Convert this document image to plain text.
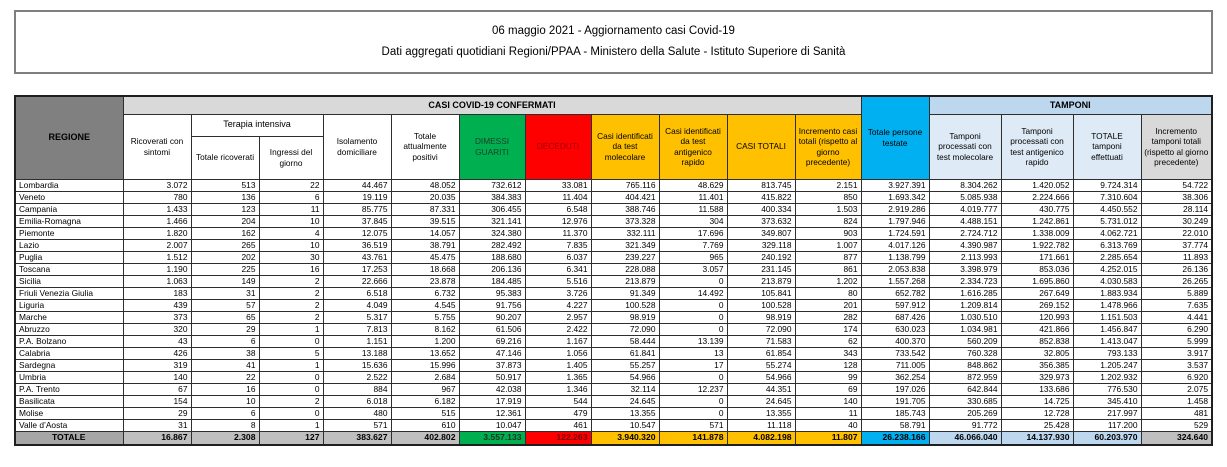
06 maggio 2021 - Aggiornamento casi Covid-19
Dati aggregati quotidiani Regioni/PPAA - Ministero della Salute - Istituto Superiore di Sanità
REGIONE	CASI COVID-19 CONFERMATI											Totale persone testate	TAMPONI			
	Ricoverati con sintomi	Terapia intensiva		Isolamento domiciliare	Totale attualmente positivi	DIMESSI GUARITI	DECEDUTI	Casi identificati da test molecolare	Casi identificati da test antigenico rapido	CASI TOTALI	Incremento casi totali (rispetto al giorno precedente)		Tamponi processati con test molecolare	Tamponi processati con test antigenico rapido	TOTALE tamponi effettuati	Incremento tamponi totali (rispetto al giorno precedente)
		Totale ricoverati	Ingressi del giorno													
Lombardia	3.072	513	22	44.467	48.052	732.612	33.081	765.116	48.629	813.745	2.151	3.927.391	8.304.262	1.420.052	9.724.314	54.722
Veneto	780	136	6	19.119	20.035	384.383	11.404	404.421	11.401	415.822	850	1.693.342	5.085.938	2.224.666	7.310.604	38.306
Campania	1.433	123	11	85.775	87.331	306.455	6.548	388.746	11.588	400.334	1.503	2.919.286	4.019.777	430.775	4.450.552	28.114
Emilia-Romagna	1.466	204	10	37.845	39.515	321.141	12.976	373.328	304	373.632	824	1.797.946	4.488.151	1.242.861	5.731.012	30.249
Piemonte	1.820	162	4	12.075	14.057	324.380	11.370	332.111	17.696	349.807	903	1.724.591	2.724.712	1.338.009	4.062.721	22.010
Lazio	2.007	265	10	36.519	38.791	282.492	7.835	321.349	7.769	329.118	1.007	4.017.126	4.390.987	1.922.782	6.313.769	37.774
Puglia	1.512	202	30	43.761	45.475	188.680	6.037	239.227	965	240.192	877	1.138.799	2.113.993	171.661	2.285.654	11.893
Toscana	1.190	225	16	17.253	18.668	206.136	6.341	228.088	3.057	231.145	861	2.053.838	3.398.979	853.036	4.252.015	26.136
Sicilia	1.063	149	2	22.666	23.878	184.485	5.516	213.879	0	213.879	1.202	1.557.268	2.334.723	1.695.860	4.030.583	26.265
Friuli Venezia Giulia	183	31	2	6.518	6.732	95.383	3.726	91.349	14.492	105.841	80	652.782	1.616.285	267.649	1.883.934	5.889
Liguria	439	57	2	4.049	4.545	91.756	4.227	100.528	0	100.528	201	597.912	1.209.814	269.152	1.478.966	7.635
Marche	373	65	2	5.317	5.755	90.207	2.957	98.919	0	98.919	282	687.426	1.030.510	120.993	1.151.503	4.441
Abruzzo	320	29	1	7.813	8.162	61.506	2.422	72.090	0	72.090	174	630.023	1.034.981	421.866	1.456.847	6.290
P.A. Bolzano	43	6	0	1.151	1.200	69.216	1.167	58.444	13.139	71.583	62	400.370	560.209	852.838	1.413.047	5.999
Calabria	426	38	5	13.188	13.652	47.146	1.056	61.841	13	61.854	343	733.542	760.328	32.805	793.133	3.917
Sardegna	319	41	1	15.636	15.996	37.873	1.405	55.257	17	55.274	128	711.005	848.862	356.385	1.205.247	3.537
Umbria	140	22	0	2.522	2.684	50.917	1.365	54.966	0	54.966	99	362.254	872.959	329.973	1.202.932	6.920
P.A. Trento	67	16	0	884	967	42.038	1.346	32.114	12.237	44.351	69	197.026	642.844	133.686	776.530	2.075
Basilicata	154	10	2	6.018	6.182	17.919	544	24.645	0	24.645	140	191.705	330.685	14.725	345.410	1.458
Molise	29	6	0	480	515	12.361	479	13.355	0	13.355	11	185.743	205.269	12.728	217.997	481
Valle d’Aosta	31	8	1	571	610	10.047	461	10.547	571	11.118	40	58.791	91.772	25.428	117.200	529
TOTALE	16.867	2.308	127	383.627	402.802	3.557.133	122.263	3.940.320	141.878	4.082.198	11.807	26.238.166	46.066.040	14.137.930	60.203.970	324.640
